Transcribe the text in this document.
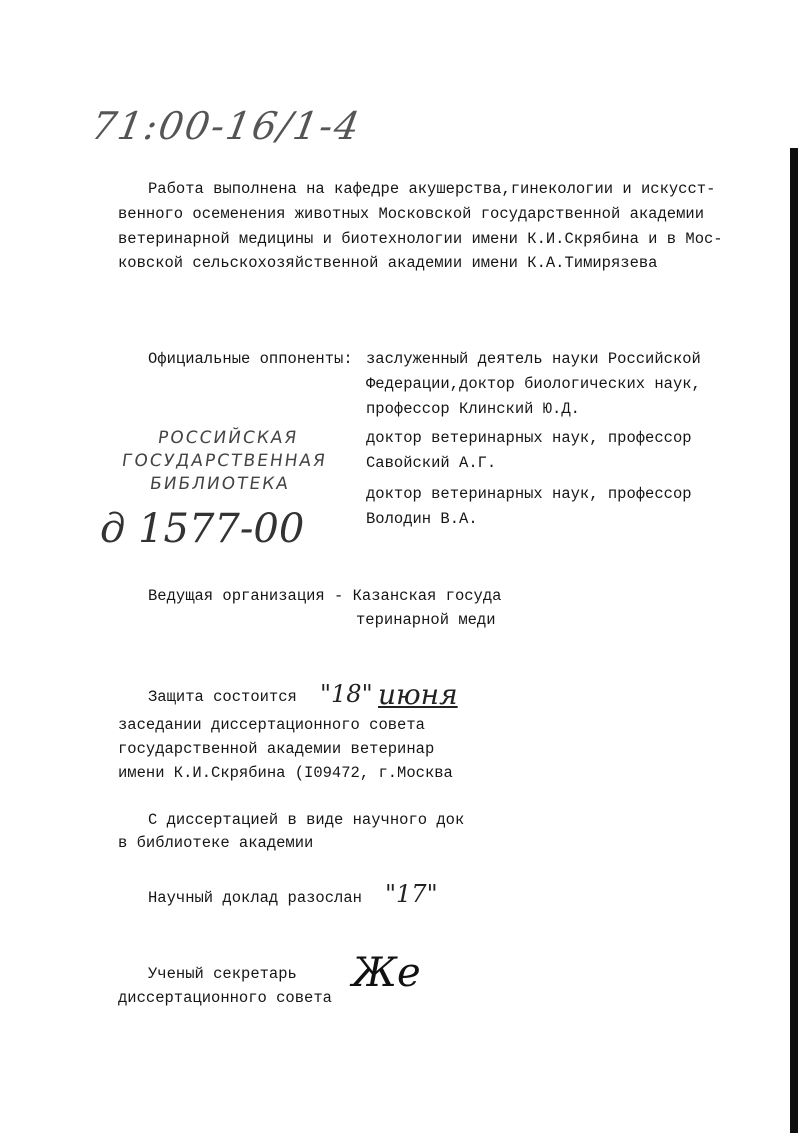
71:00-16/1-4
Работа выполнена на кафедре акушерства,гинекологии и искусст-
венного осеменения животных Московской государственной академии
ветеринарной медицины и биотехнологии имени К.И.Скрябина и в Мос-
ковской сельскохозяйственной академии имени К.А.Тимирязева
Официальные оппоненты: заслуженный деятель науки Российской
Федерации,доктор биологических наук,
профессор Клинский Ю.Д.
доктор ветеринарных наук, профессор
Савойский А.Г.
доктор ветеринарных наук, профессор
Володин В.А.
РОССИЙСКАЯ
ГОСУДАРСТВЕННАЯ
БИБЛИОТЕКА
д 1577-00
Ведущая организация - Казанская госуда
теринарной меди
Защита состоится "18" июня
заседании диссертационного совета
государственной академии ветеринар
имени К.И.Скрябина (I09472, г.Москва
С диссертацией в виде научного док
в библиотеке академии
Научный доклад разослан "17"
Ученый секретарь
диссертационного совета
Же
